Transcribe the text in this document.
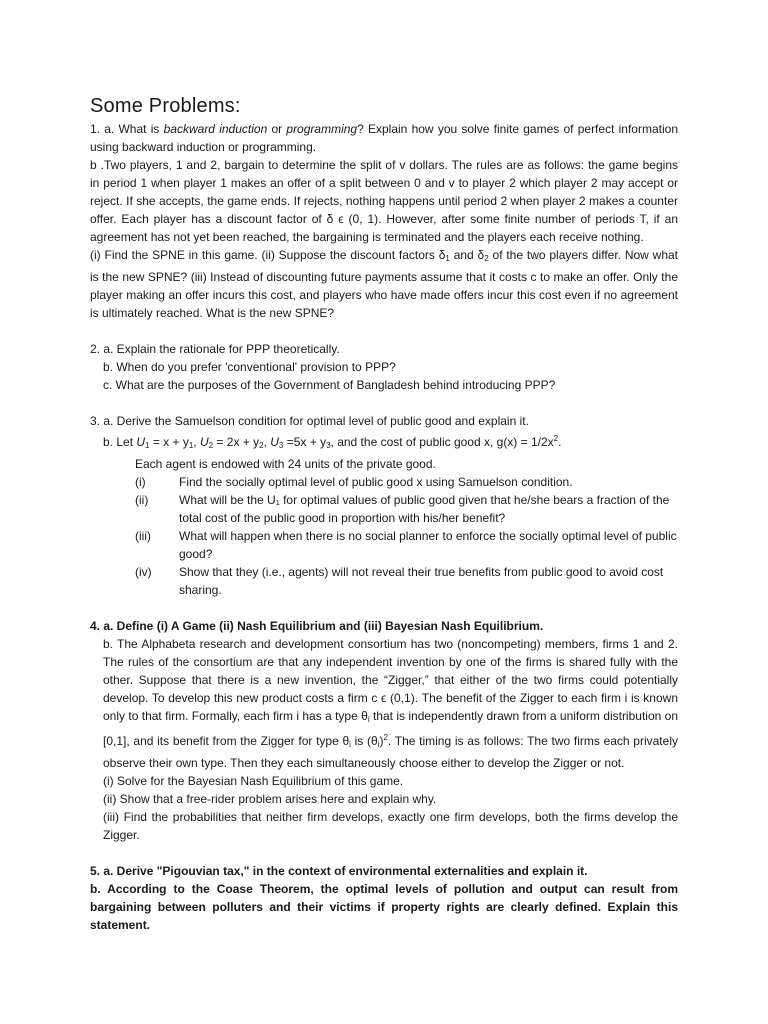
Some Problems:

1. a. What is backward induction or programming? Explain how you solve finite games of perfect information using backward induction or programming.

b .Two players, 1 and 2, bargain to determine the split of v dollars. The rules are as follows: the game begins in period 1 when player 1 makes an offer of a split between 0 and v to player 2 which player 2 may accept or reject. If she accepts, the game ends. If rejects, nothing happens until period 2 when player 2 makes a counter offer. Each player has a discount factor of δ ϵ (0, 1). However, after some finite number of periods T, if an agreement has not yet been reached, the bargaining is terminated and the players each receive nothing.

(i) Find the SPNE in this game. (ii) Suppose the discount factors $\delta_1$ and $\delta_2$ of the two players differ. Now what is the new SPNE? (iii) Instead of discounting future payments assume that it costs c to make an offer. Only the player making an offer incurs this cost, and players who have made offers incur this cost even if no agreement is ultimately reached. What is the new SPNE?

2. a. Explain the rationale for PPP theoretically.

b. When do you prefer 'conventional' provision to PPP?

c. What are the purposes of the Government of Bangladesh behind introducing PPP?

3. a. Derive the Samuelson condition for optimal level of public good and explain it.

b. Let $U_1 = x + y_1$, $U_2 = 2x + y_2$, $U_3 =5x + y_3$, and the cost of public good x, $g(x) = 1/2x^2$.

Each agent is endowed with 24 units of the private good.

(i)	Find the socially optimal level of public good x using Samuelson condition.
(ii)	What will be the U₁ for optimal values of public good given that he/she bears a fraction of the total cost of the public good in proportion with his/her benefit?
(iii)	What will happen when there is no social planner to enforce the socially optimal level of public good?
(iv)	Show that they (i.e., agents) will not reveal their true benefits from public good to avoid cost sharing.

4. a. Define (i) A Game (ii) Nash Equilibrium and (iii) Bayesian Nash Equilibrium.

b. The Alphabeta research and development consortium has two (noncompeting) members, firms 1 and 2. The rules of the consortium are that any independent invention by one of the firms is shared fully with the other. Suppose that there is a new invention, the “Zigger,” that either of the two firms could potentially develop. To develop this new product costs a firm c ϵ (0,1). The benefit of the Zigger to each firm i is known only to that firm. Formally, each firm i has a type $\theta_i$ that is independently drawn from a uniform distribution on [0,1], and its benefit from the Zigger for type $\theta_i$ is $(\theta_i)^2$. The timing is as follows: The two firms each privately observe their own type. Then they each simultaneously choose either to develop the Zigger or not.

(i) Solve for the Bayesian Nash Equilibrium of this game.

(ii) Show that a free-rider problem arises here and explain why.

(iii) Find the probabilities that neither firm develops, exactly one firm develops, both the firms develop the Zigger.

5. a. Derive "Pigouvian tax," in the context of environmental externalities and explain it.

b. According to the Coase Theorem, the optimal levels of pollution and output can result from bargaining between polluters and their victims if property rights are clearly defined. Explain this statement.
